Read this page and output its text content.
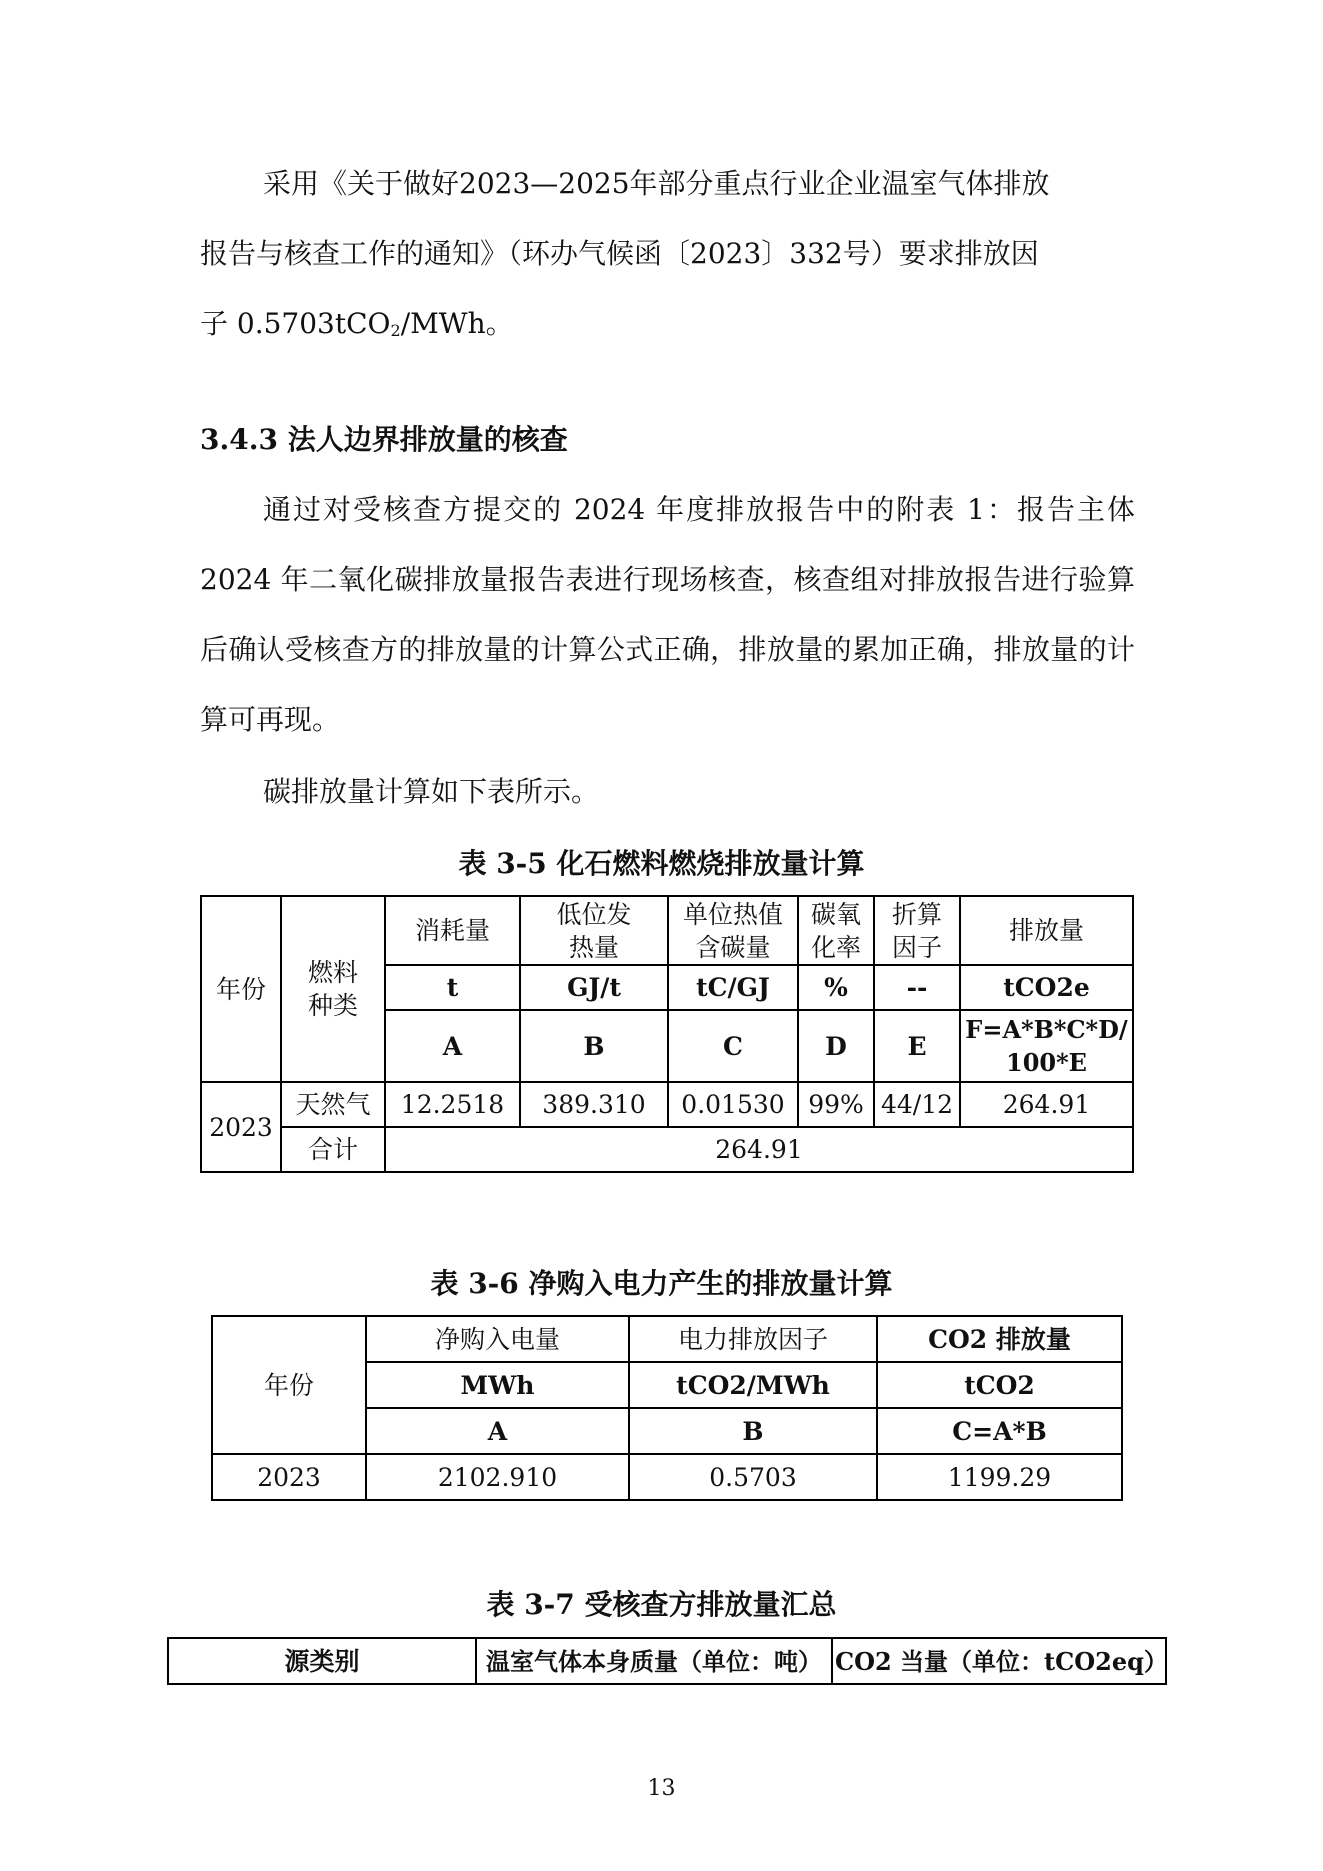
采用《关于做好2023—2025年部分重点行业企业温室气体排放
报告与核查工作的通知》（环办气候函〔2023〕332号）要求排放因
子 0.5703tCO$_2$/MWh。
3.4.3 法人边界排放量的核查
通过对受核查方提交的 2024 年度排放报告中的附表 1：报告主体 2024 年二氧化碳排放量报告表进行现场核查，核查组对排放报告进行验算后确认受核查方的排放量的计算公式正确，排放量的累加正确，排放量的计算可再现。
碳排放量计算如下表所示。
表 3-5 化石燃料燃烧排放量计算
年份	燃料种类	消耗量	低位发热量	单位热值含碳量	碳氧化率	折算因子	排放量
		t	GJ/t	tC/GJ	%	--	tCO2e
		A	B	C	D	E	F=A*B*C*D/100*E
2023	天然气	12.2518	389.310	0.01530	99%	44/12	264.91
	合计	264.91					
表 3-6 净购入电力产生的排放量计算
年份	净购入电量	电力排放因子	CO2 排放量
	MWh	tCO2/MWh	tCO2
	A	B	C=A*B
2023	2102.910	0.5703	1199.29
表 3-7 受核查方排放量汇总
源类别	温室气体本身质量（单位：吨）	CO2 当量（单位：tCO2eq）
13
